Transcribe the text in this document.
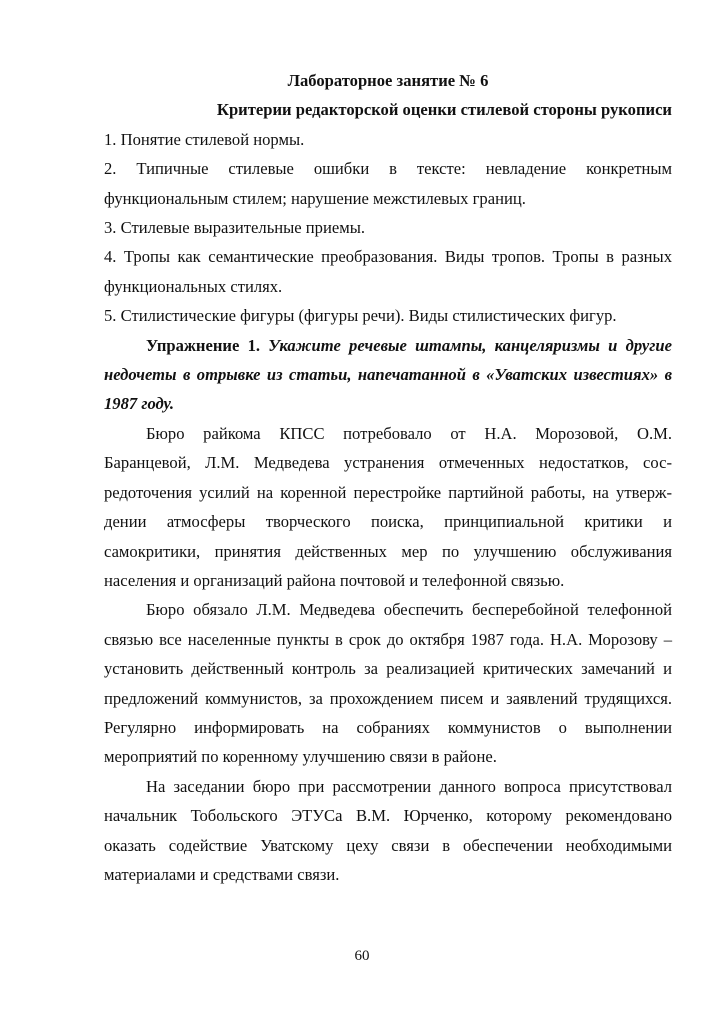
Лабораторное занятие № 6

Критерии редакторской оценки стилевой стороны рукописи

1. Понятие стилевой нормы.

2. Типичные стилевые ошибки в тексте: невладение конкретным

функциональным стилем; нарушение межстилевых границ.

3. Стилевые выразительные приемы.

4. Тропы как семантические преобразования. Виды тропов. Тропы в разных

функциональных стилях.

5. Стилистические фигуры (фигуры речи). Виды стилистических фигур.

Упражнение 1. Укажите речевые штампы, канцеляризмы и другие

недочеты в отрывке из статьи, напечатанной в «Уватских известиях» в

1987 году.

Бюро райкома КПСС потребовало от Н.А. Морозовой, О.М.

Баранцевой, Л.М. Медведева устранения отмеченных недостатков, сос-

редоточения усилий на коренной перестройке партийной работы, на утверж-

дении атмосферы творческого поиска, принципиальной критики и

самокритики, принятия действенных мер по улучшению обслуживания

населения и организаций района почтовой и телефонной связью.

Бюро обязало Л.М. Медведева обеспечить бесперебойной телефонной

связью все населенные пункты в срок до октября 1987 года. Н.А. Морозову –

установить действенный контроль за реализацией критических замечаний и

предложений коммунистов, за прохождением писем и заявлений трудящихся.

Регулярно информировать на собраниях коммунистов о выполнении

мероприятий по коренному улучшению связи в районе.

На заседании бюро при рассмотрении данного вопроса присутствовал

начальник Тобольского ЭТУСа В.М. Юрченко, которому рекомендовано

оказать содействие Уватскому цеху связи в обеспечении необходимыми

материалами и средствами связи.

60
